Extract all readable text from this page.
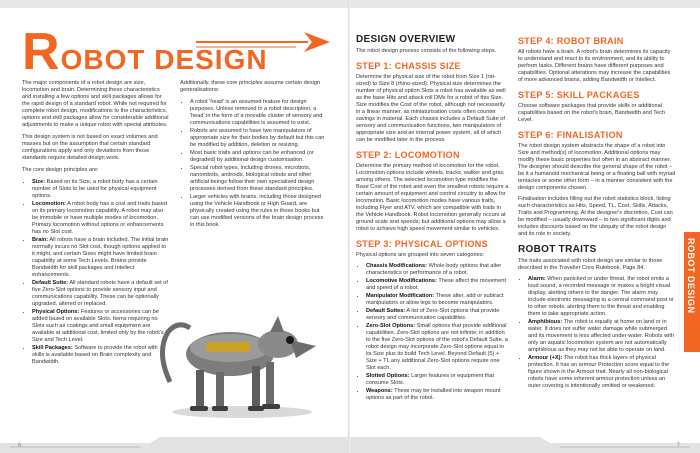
ROBOT DESIGN

The major components of a robot design are size, locomotion and brain. Determining these characteristics and installing a few options and skill packages allows for the rapid design of a standard robot. While not required for complete robot design, modifications to the characteristics, options and skill packages allow for considerable additional adjustments to make a unique robot with special attributes.

This design system is not based on exact volumes and masses but on the assumption that certain standard configurations apply and only deviations from those standards require detailed design work.

The core design principles are:

• Size: Based on its Size, a robot body has a certain number of Slots to be used for physical equipment options.
• Locomotion: A robot body has a cost and traits based on its primary locomotion capability. A robot may also be immobile or have multiple modes of locomotion. Primary locomotion without options or enhancements has no Slot cost.
• Brain: All robots have a brain included. The initial brain normally incurs no Slot cost, though options applied to it might, and certain Sizes might have limited brain capability at some Tech Levels. Brains provide Bandwidth for skill packages and Intellect enhancements.
• Default Suite: All standard robots have a default set of five Zero-Slot options to provide sensory input and communications capability. These can be optionally upgraded, altered or replaced.
• Physical Options: Features or accessories can be added based on available Slots. Items requiring no Slots such as coatings and small equipment are available at additional cost, limited only by the robot's Size and Tech Level.
• Skill Packages: Software to provide the robot with skills is available based on Brain complexity and Bandwidth.

Additionally, these core principles assume certain design generalisations:

• A robot 'head' is an assumed feature for design purposes. Unless removed in a robot description, a 'head' in the form of a movable cluster of sensory and communications capabilities is assumed to exist.
• Robots are assumed to have two manipulators of appropriate size for their bodies by default but this can be modified by addition, deletion or resizing.
• Most basic traits and options can be enhanced (or degraded) by additional design customisation.
• Special robot types, including drones, microbots, nanorobots, androids, biological robots and other artificial beings follow their own specialised design processes derived from these standard principles.
• Larger vehicles with brains, including those designed using the Vehicle Handbook or High Guard, are physically created using the rules in those books but can use modified versions of the brain design process in this book.
6
DESIGN OVERVIEW

The robot design process consists of the following steps.

STEP 1: CHASSIS SIZE

Determine the physical size of the robot from Size 1 (rat-sized) to Size 8 (rhino-sized). Physical size determines the number of physical option Slots a robot has available as well as the base Hits and attack roll DMs for a robot of this Size. Size modifies the Cost of the robot, although not necessarily in a linear manner, as miniaturisation costs often counter savings in material. Each chassis includes a Default Suite of sensory and communication functions, two manipulators of appropriate size and an internal power system, all of which can be modified later in the process.

STEP 2: LOCOMOTION

Determine the primary method of locomotion for the robot. Locomotion options include wheels, tracks, walker and grav, among others. The selected locomotion type modifies the Base Cost of the robot and even the smallest robots require a certain amount of equipment and control circuitry to allow for locomotion. Basic locomotion modes have various traits, including Flyer and ATV, which are compatible with traits in the Vehicle Handbook. Robot locomotion generally occurs at ground scale and speeds; but additional options may allow a robot to achieve high speed movement similar to vehicles.

STEP 3: PHYSICAL OPTIONS

Physical options are grouped into seven categories:

• Chassis Modifications: Whole-body options that alter characteristics or performance of a robot.
• Locomotive Modifications: These affect the movement and speed of a robot.
• Manipulator Modification: These alter, add or subtract manipulators or allow legs to become manipulators.
• Default Suites: A list of Zero-Slot options that provide sensory and communication capabilities.
• Zero-Slot Options: Small options that provide additional capabilities. Zero-Slot options are not infinite; in addition to the five Zero-Slot options of the robot's Default Suite, a robot design may incorporate Zero-Slot options equal to its Size plus its build Tech Level. Beyond Default (5) + Size + TL any additional Zero-Slot options require one Slot each.
• Slotted Options: Larger features or equipment that consume Slots.
• Weapons: These may be installed into weapon mount options as part of the robot.
STEP 4: ROBOT BRAIN

All robots have a brain. A robot's brain determines its capacity to understand and react to its environment, and its ability to perform tasks. Different brains have different purposes and capabilities. Optional alterations may increase the capabilities of more advanced brains, adding Bandwidth or Intellect.

STEP 5: SKILL PACKAGES

Choose software packages that provide skills or additional capabilities based on the robot's brain, Bandwidth and Tech Level.

STEP 6: FINALISATION

The robot design system abstracts the shape of a robot into Size and method(s) of locomotion. Additional options may modify these basic properties but often in an abstract manner. The designer should describe the general shape of the robot – be it a humanoid mechanical being or a floating ball with myriad tentacles or some other form – in a manner consistent with the design components chosen.

Finalisation includes filling out the robot statistics block, listing such characteristics as Hits, Speed, TL, Cost, Skills, Attacks, Traits and Programming. At the designer's discretion, Cost can be modified – usually downward – to two significant digits and includes discounts based on the ubiquity of the robot design and its role in society.

ROBOT TRAITS

The traits associated with robot design are similar to those described in the Traveller Core Rulebook, Page 84.

• Alarm: When panicked or under threat, the robot emits a loud sound, a recorded message or makes a bright visual display, alerting others to the danger. The alarm may include electronic messaging to a central command post or to other robots, alerting them to the threat and enabling them to take appropriate action.
• Amphibious: The robot is equally at home on land or in water. It does not suffer water damage while submerged and its movement is less affected under-water. Robots with only an aquatic locomotion system are not automatically amphibious as they may not be able to operate on land.
• Armour (+X): The robot has thick layers of physical protection. It has an armour Protection score equal to the figure shown in the Armour trait. Nearly all non-biological robots have some inherent armour protection unless an outer covering is intentionally omitted or weakened.
ROBOT DESIGN
7
